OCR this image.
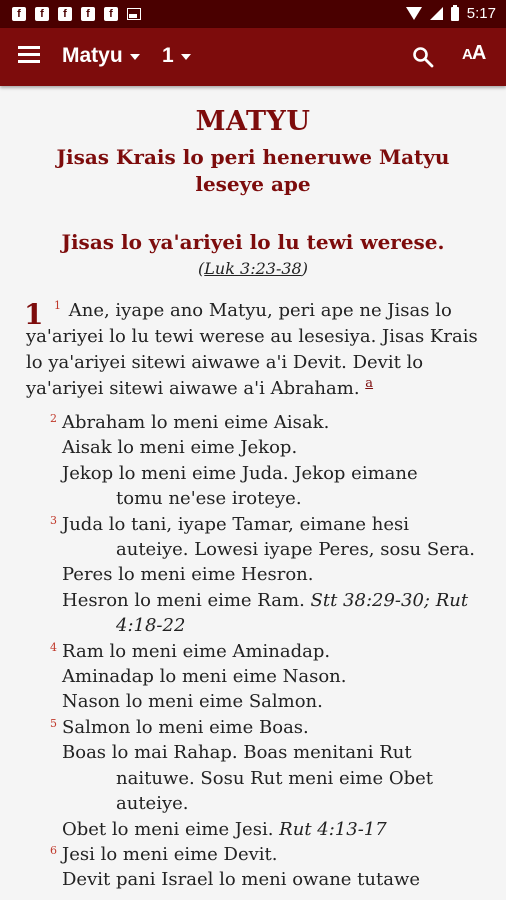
f	f	f	f	f	5:17
Matyu 1	AA
MATYU
Jisas Krais lo peri heneruwe Matyu leseye ape
Jisas lo ya'ariyei lo lu tewi werese.
(Luk 3:23-38)
1 $^1$ Ane, iyape ano Matyu, peri ape ne Jisas lo ya'ariyei lo lu tewi werese au lesesiya. Jisas Krais lo ya'ariyei sitewi aiwawe a'i Devit. Devit lo ya'ariyei sitewi aiwawe a'i Abraham. $^a$
2 Abraham lo meni eime Aisak.
Aisak lo meni eime Jekop.
Jekop lo meni eime Juda. Jekop eimane
tomu ne'ese iroteye.
3 Juda lo tani, iyape Tamar, eimane hesi
auteiye. Lowesi iyape Peres, sosu Sera.
Peres lo meni eime Hesron.
Hesron lo meni eime Ram. Stt 38:29-30; Rut
4:18-22
4 Ram lo meni eime Aminadap.
Aminadap lo meni eime Nason.
Nason lo meni eime Salmon.
5 Salmon lo meni eime Boas.
Boas lo mai Rahap. Boas menitani Rut
naituwe. Sosu Rut meni eime Obet
auteiye.
Obet lo meni eime Jesi. Rut 4:13-17
6 Jesi lo meni eime Devit.
Devit pani Israel lo meni owane tutawe
